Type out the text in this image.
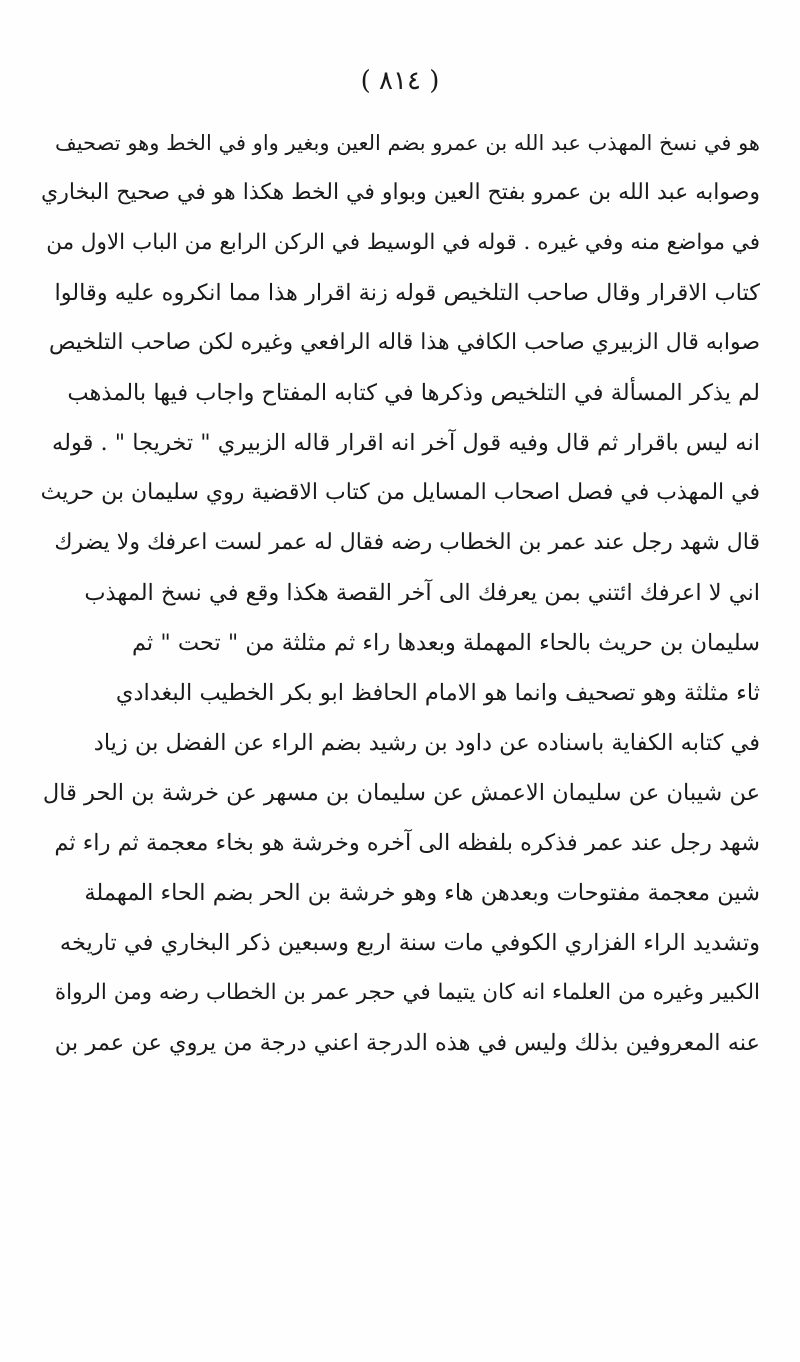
( ٨١٤ )
هو في نسخ المهذب عبد الله بن عمرو بضم العين وبغير واو في الخط وهو تصحيف
وصوابه عبد الله بن عمرو بفتح العين وبواو في الخط هكذا هو في صحيح البخاري
في مواضع منه وفي غيره . قوله في الوسيط في الركن الرابع من الباب الاول من
كتاب الاقرار وقال صاحب التلخيص قوله زنة اقرار هذا مما انكروه عليه وقالوا
صوابه قال الزبيري صاحب الكافي هذا قاله الرافعي وغيره لكن صاحب التلخيص
لم يذكر المسألة في التلخيص وذكرها في كتابه المفتاح واجاب فيها بالمذهب
انه ليس باقرار ثم قال وفيه قول آخر انه اقرار قاله الزبيري " تخريجا " . قوله
في المهذب في فصل اصحاب المسايل من كتاب الاقضية روي سليمان بن حريث
قال شهد رجل عند عمر بن الخطاب رضه فقال له عمر لست اعرفك ولا يضرك
اني لا اعرفك ائتني بمن يعرفك الى آخر القصة هكذا وقع في نسخ المهذب
سليمان بن حريث بالحاء المهملة وبعدها راء ثم مثلثة من " تحت " ثم
ثاء مثلثة وهو تصحيف وانما هو الامام الحافظ ابو بكر الخطيب البغدادي
في كتابه الكفاية باسناده عن داود بن رشيد بضم الراء عن الفضل بن زياد
عن شيبان عن سليمان الاعمش عن سليمان بن مسهر عن خرشة بن الحر قال
شهد رجل عند عمر فذكره بلفظه الى آخره وخرشة هو بخاء معجمة ثم راء ثم
شين معجمة مفتوحات وبعدهن هاء وهو خرشة بن الحر بضم الحاء المهملة
وتشديد الراء الفزاري الكوفي مات سنة اربع وسبعين ذكر البخاري في تاريخه
الكبير وغيره من العلماء انه كان يتيما في حجر عمر بن الخطاب رضه ومن الرواة
عنه المعروفين بذلك وليس في هذه الدرجة اعني درجة من يروي عن عمر بن
